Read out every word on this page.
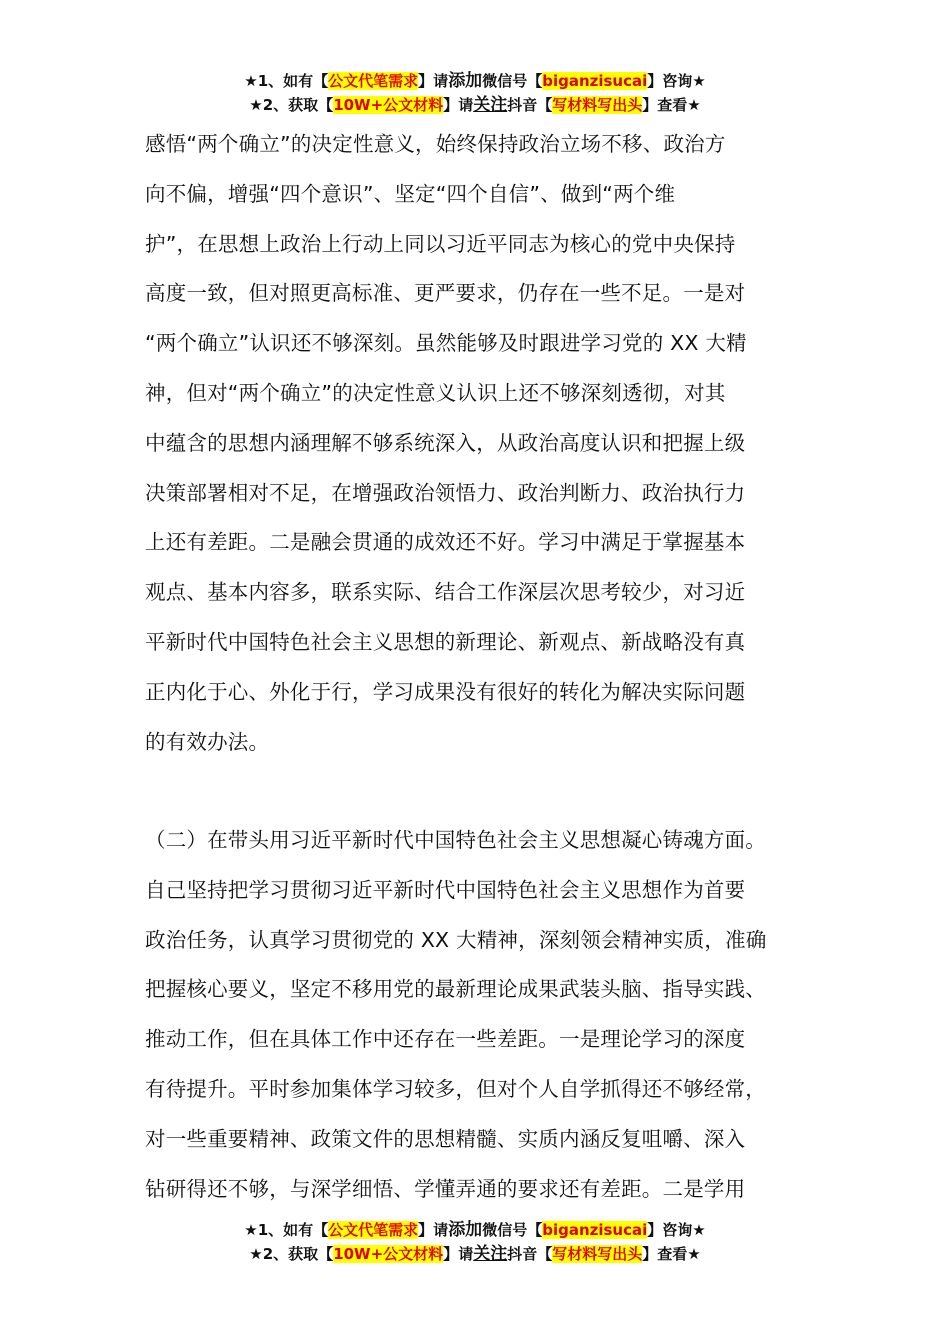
★1、如有【公文代笔需求】请添加微信号【biganzisucai】咨询★
★2、获取【10W+公文材料】请关注抖音【写材料写出头】查看★
感悟“两个确立”的决定性意义，始终保持政治立场不移、政治方
向不偏，增强“四个意识”、坚定“四个自信”、做到“两个维
护”，在思想上政治上行动上同以习近平同志为核心的党中央保持
高度一致，但对照更高标准、更严要求，仍存在一些不足。一是对
“两个确立”认识还不够深刻。虽然能够及时跟进学习党的 XX 大精
神，但对“两个确立”的决定性意义认识上还不够深刻透彻，对其
中蕴含的思想内涵理解不够系统深入，从政治高度认识和把握上级
决策部署相对不足，在增强政治领悟力、政治判断力、政治执行力
上还有差距。二是融会贯通的成效还不好。学习中满足于掌握基本
观点、基本内容多，联系实际、结合工作深层次思考较少，对习近
平新时代中国特色社会主义思想的新理论、新观点、新战略没有真
正内化于心、外化于行，学习成果没有很好的转化为解决实际问题
的有效办法。
（二）在带头用习近平新时代中国特色社会主义思想凝心铸魂方面。
自己坚持把学习贯彻习近平新时代中国特色社会主义思想作为首要
政治任务，认真学习贯彻党的 XX 大精神，深刻领会精神实质，准确
把握核心要义，坚定不移用党的最新理论成果武装头脑、指导实践、
推动工作，但在具体工作中还存在一些差距。一是理论学习的深度
有待提升。平时参加集体学习较多，但对个人自学抓得还不够经常，
对一些重要精神、政策文件的思想精髓、实质内涵反复咀嚼、深入
钻研得还不够，与深学细悟、学懂弄通的要求还有差距。二是学用
★1、如有【公文代笔需求】请添加微信号【biganzisucai】咨询★
★2、获取【10W+公文材料】请关注抖音【写材料写出头】查看★
